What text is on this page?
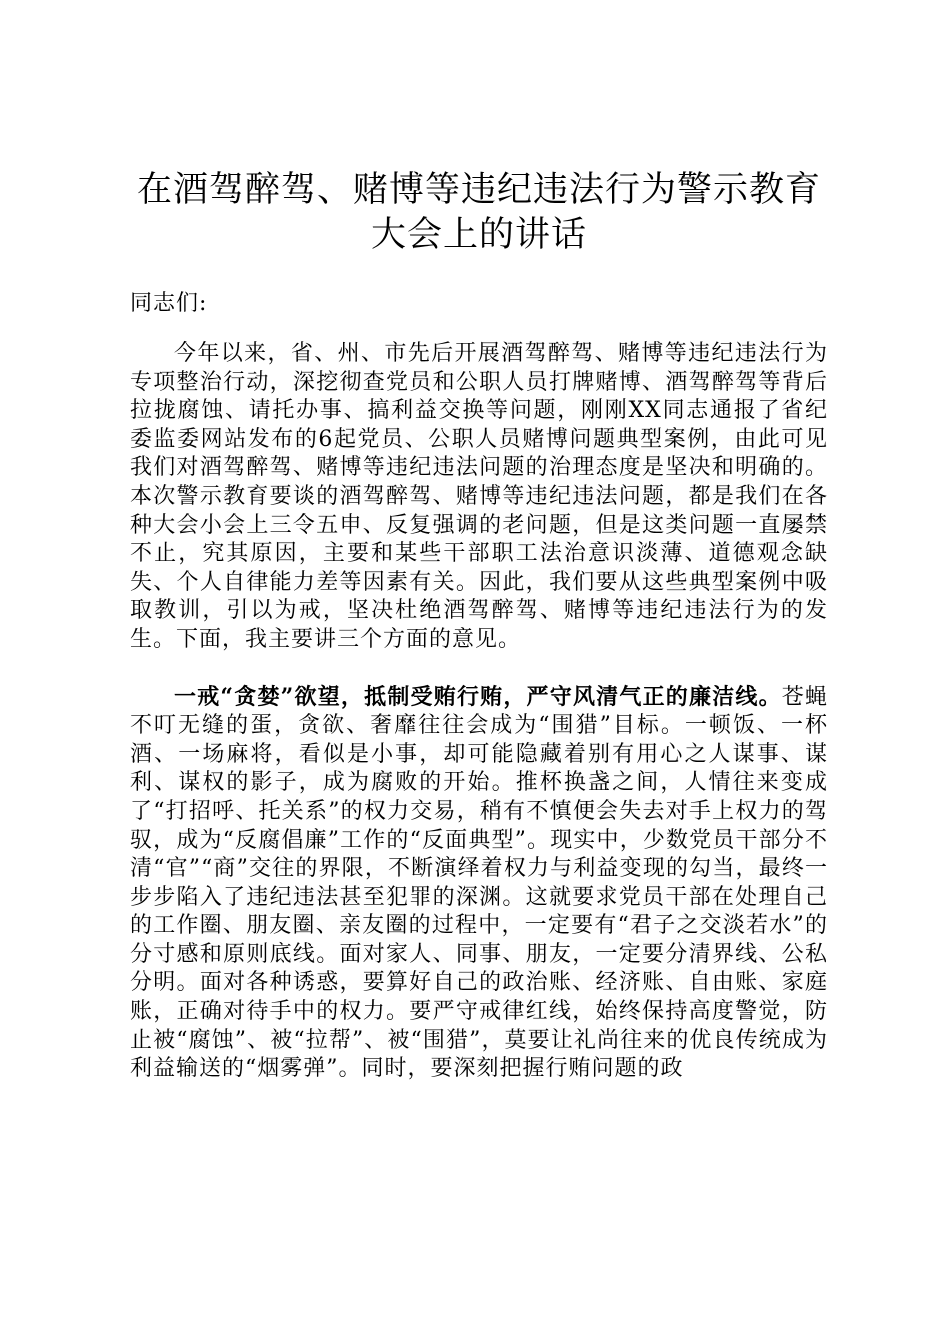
在酒驾醉驾、赌博等违纪违法行为警示教育大会上的讲话
同志们:

今年以来，省、州、市先后开展酒驾醉驾、赌博等违纪违法行为专项整治行动，深挖彻查党员和公职人员打牌赌博、酒驾醉驾等背后拉拢腐蚀、请托办事、搞利益交换等问题，刚刚XX同志通报了省纪委监委网站发布的6起党员、公职人员赌博问题典型案例，由此可见我们对酒驾醉驾、赌博等违纪违法问题的治理态度是坚决和明确的。本次警示教育要谈的酒驾醉驾、赌博等违纪违法问题，都是我们在各种大会小会上三令五申、反复强调的老问题，但是这类问题一直屡禁不止，究其原因，主要和某些干部职工法治意识淡薄、道德观念缺失、个人自律能力差等因素有关。因此，我们要从这些典型案例中吸取教训，引以为戒，坚决杜绝酒驾醉驾、赌博等违纪违法行为的发生。下面，我主要讲三个方面的意见。

一戒“贪婪”欲望，抵制受贿行贿，严守风清气正的廉洁线。苍蝇不叮无缝的蛋，贪欲、奢靡往往会成为“围猎”目标。一顿饭、一杯酒、一场麻将，看似是小事，却可能隐藏着别有用心之人谋事、谋利、谋权的影子，成为腐败的开始。推杯换盏之间，人情往来变成了“打招呼、托关系”的权力交易，稍有不慎便会失去对手上权力的驾驭，成为“反腐倡廉”工作的“反面典型”。现实中，少数党员干部分不清“官”“商”交往的界限，不断演绎着权力与利益变现的勾当，最终一步步陷入了违纪违法甚至犯罪的深渊。这就要求党员干部在处理自己的工作圈、朋友圈、亲友圈的过程中，一定要有“君子之交淡若水”的分寸感和原则底线。面对家人、同事、朋友，一定要分清界线、公私分明。面对各种诱惑，要算好自己的政治账、经济账、自由账、家庭账，正确对待手中的权力。要严守戒律红线，始终保持高度警觉，防止被“腐蚀”、被“拉帮”、被“围猎”，莫要让礼尚往来的优良传统成为利益输送的“烟雾弹”。同时，要深刻把握行贿问题的政
